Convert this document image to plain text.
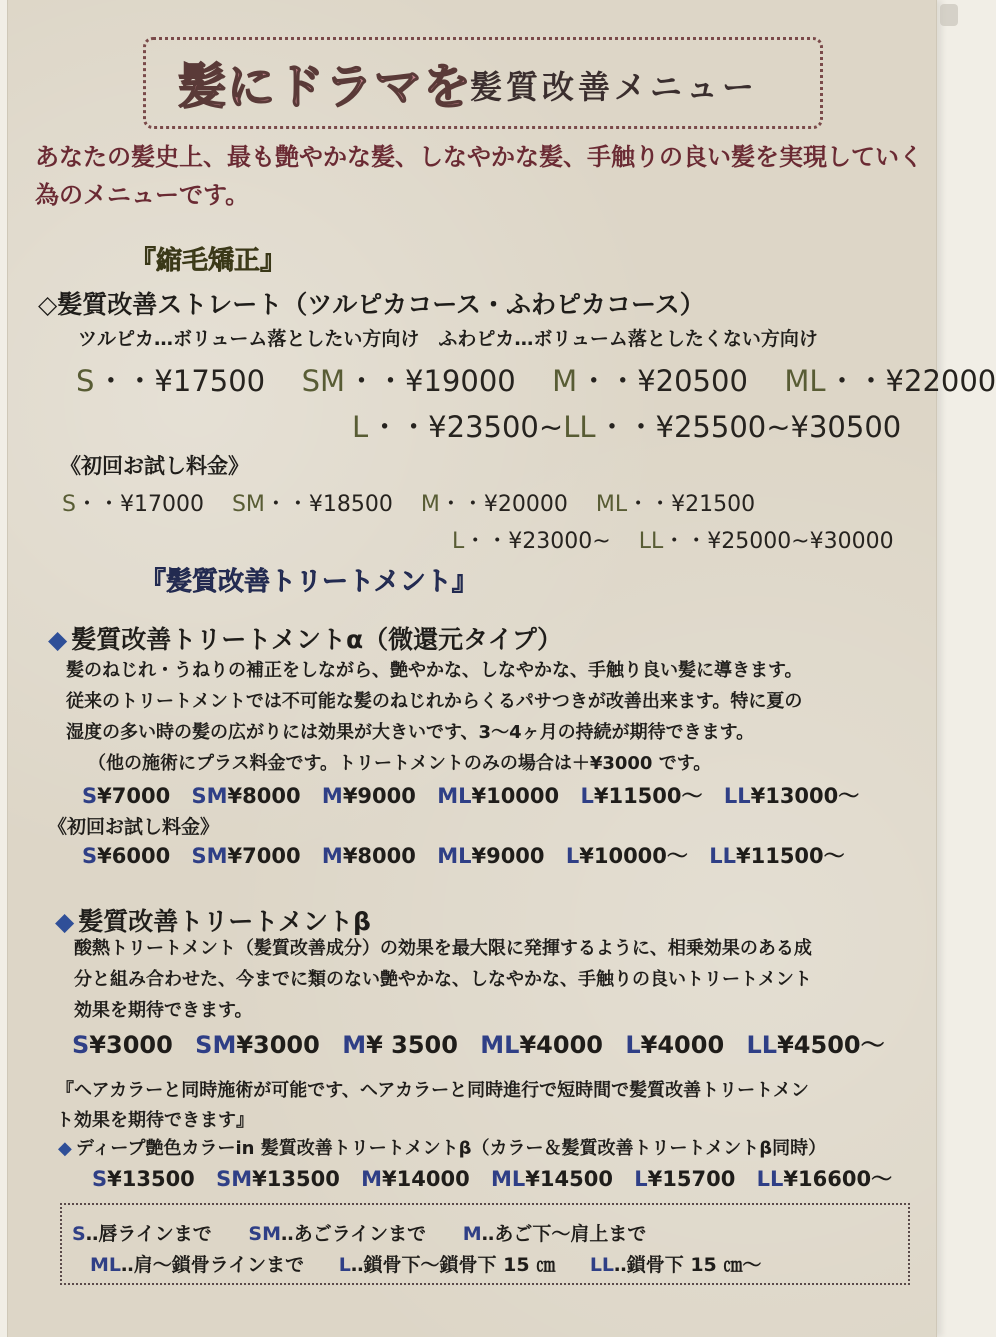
髪にドラマを
髪質改善メニュー
あなたの髪史上、最も艶やかな髪、しなやかな髪、手触りの良い髪を実現していく為のメニューです。
『縮毛矯正』
◇髪質改善ストレート（ツルピカコース・ふわピカコース）
ツルピカ…ボリューム落としたい方向け　ふわピカ…ボリューム落としたくない方向け
S・・¥17500 SM・・¥19000 M・・¥20500 ML・・¥22000
L・・¥23500~LL・・¥25500~¥30500
《初回お試し料金》
S・・¥17000 SM・・¥18500 M・・¥20000 ML・・¥21500
L・・¥23000~ LL・・¥25000~¥30000
『髪質改善トリートメント』
◆ 髪質改善トリートメントα（微還元タイプ）
髪のねじれ・うねりの補正をしながら、艶やかな、しなやかな、手触り良い髪に導きます。
従来のトリートメントでは不可能な髪のねじれからくるパサつきが改善出来ます。特に夏の
湿度の多い時の髪の広がりには効果が大きいです、3～4ヶ月の持続が期待できます。
（他の施術にプラス料金です。トリートメントのみの場合は＋¥3000 です。
S¥7000 SM¥8000 M¥9000 ML¥10000 L¥11500～ LL¥13000～
《初回お試し料金》
S¥6000 SM¥7000 M¥8000 ML¥9000 L¥10000～ LL¥11500～
◆ 髪質改善トリートメントβ
酸熱トリートメント（髪質改善成分）の効果を最大限に発揮するように、相乗効果のある成
分と組み合わせた、今までに類のない艶やかな、しなやかな、手触りの良いトリートメント
効果を期待できます。
S¥3000 SM¥3000 M¥ 3500 ML¥4000 L¥4000 LL¥4500～
『ヘアカラーと同時施術が可能です、ヘアカラーと同時進行で短時間で髪質改善トリートメン
ト効果を期待できます』
◆ ディープ艶色カラーin 髪質改善トリートメントβ（カラー＆髪質改善トリートメントβ同時）
S¥13500 SM¥13500 M¥14000 ML¥14500 L¥15700 LL¥16600～
S‥唇ラインまで SM‥あごラインまで M‥あご下～肩上まで
ML‥肩～鎖骨ラインまで L‥鎖骨下～鎖骨下 15 ㎝ LL‥鎖骨下 15 ㎝～
